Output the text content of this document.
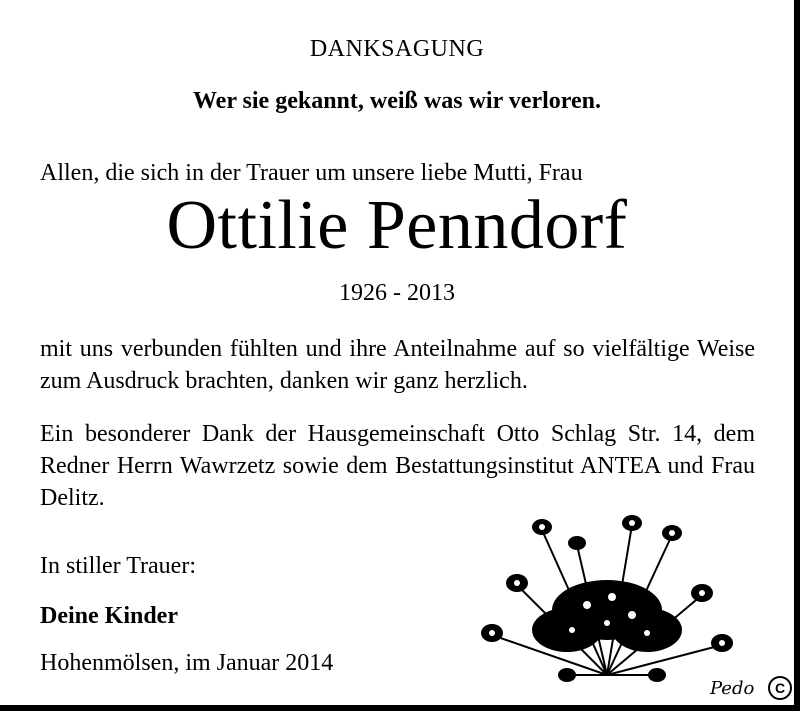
DANKSAGUNG

Wer sie gekannt, weiß was wir verloren.

Allen, die sich in der Trauer um unsere liebe Mutti, Frau

Ottilie Penndorf

1926 - 2013

mit uns verbunden fühlten und ihre Anteilnahme auf so vielfältige Weise zum Ausdruck brachten, danken wir ganz herzlich.

Ein besonderer Dank der Hausgemeinschaft Otto Schlag Str. 14, dem Redner Herrn Wawrzetz sowie dem Bestattungsinstitut ANTEA und Frau Delitz.

In stiller Trauer:

Deine Kinder

Hohenmölsen, im Januar 2014

Pedo	C
